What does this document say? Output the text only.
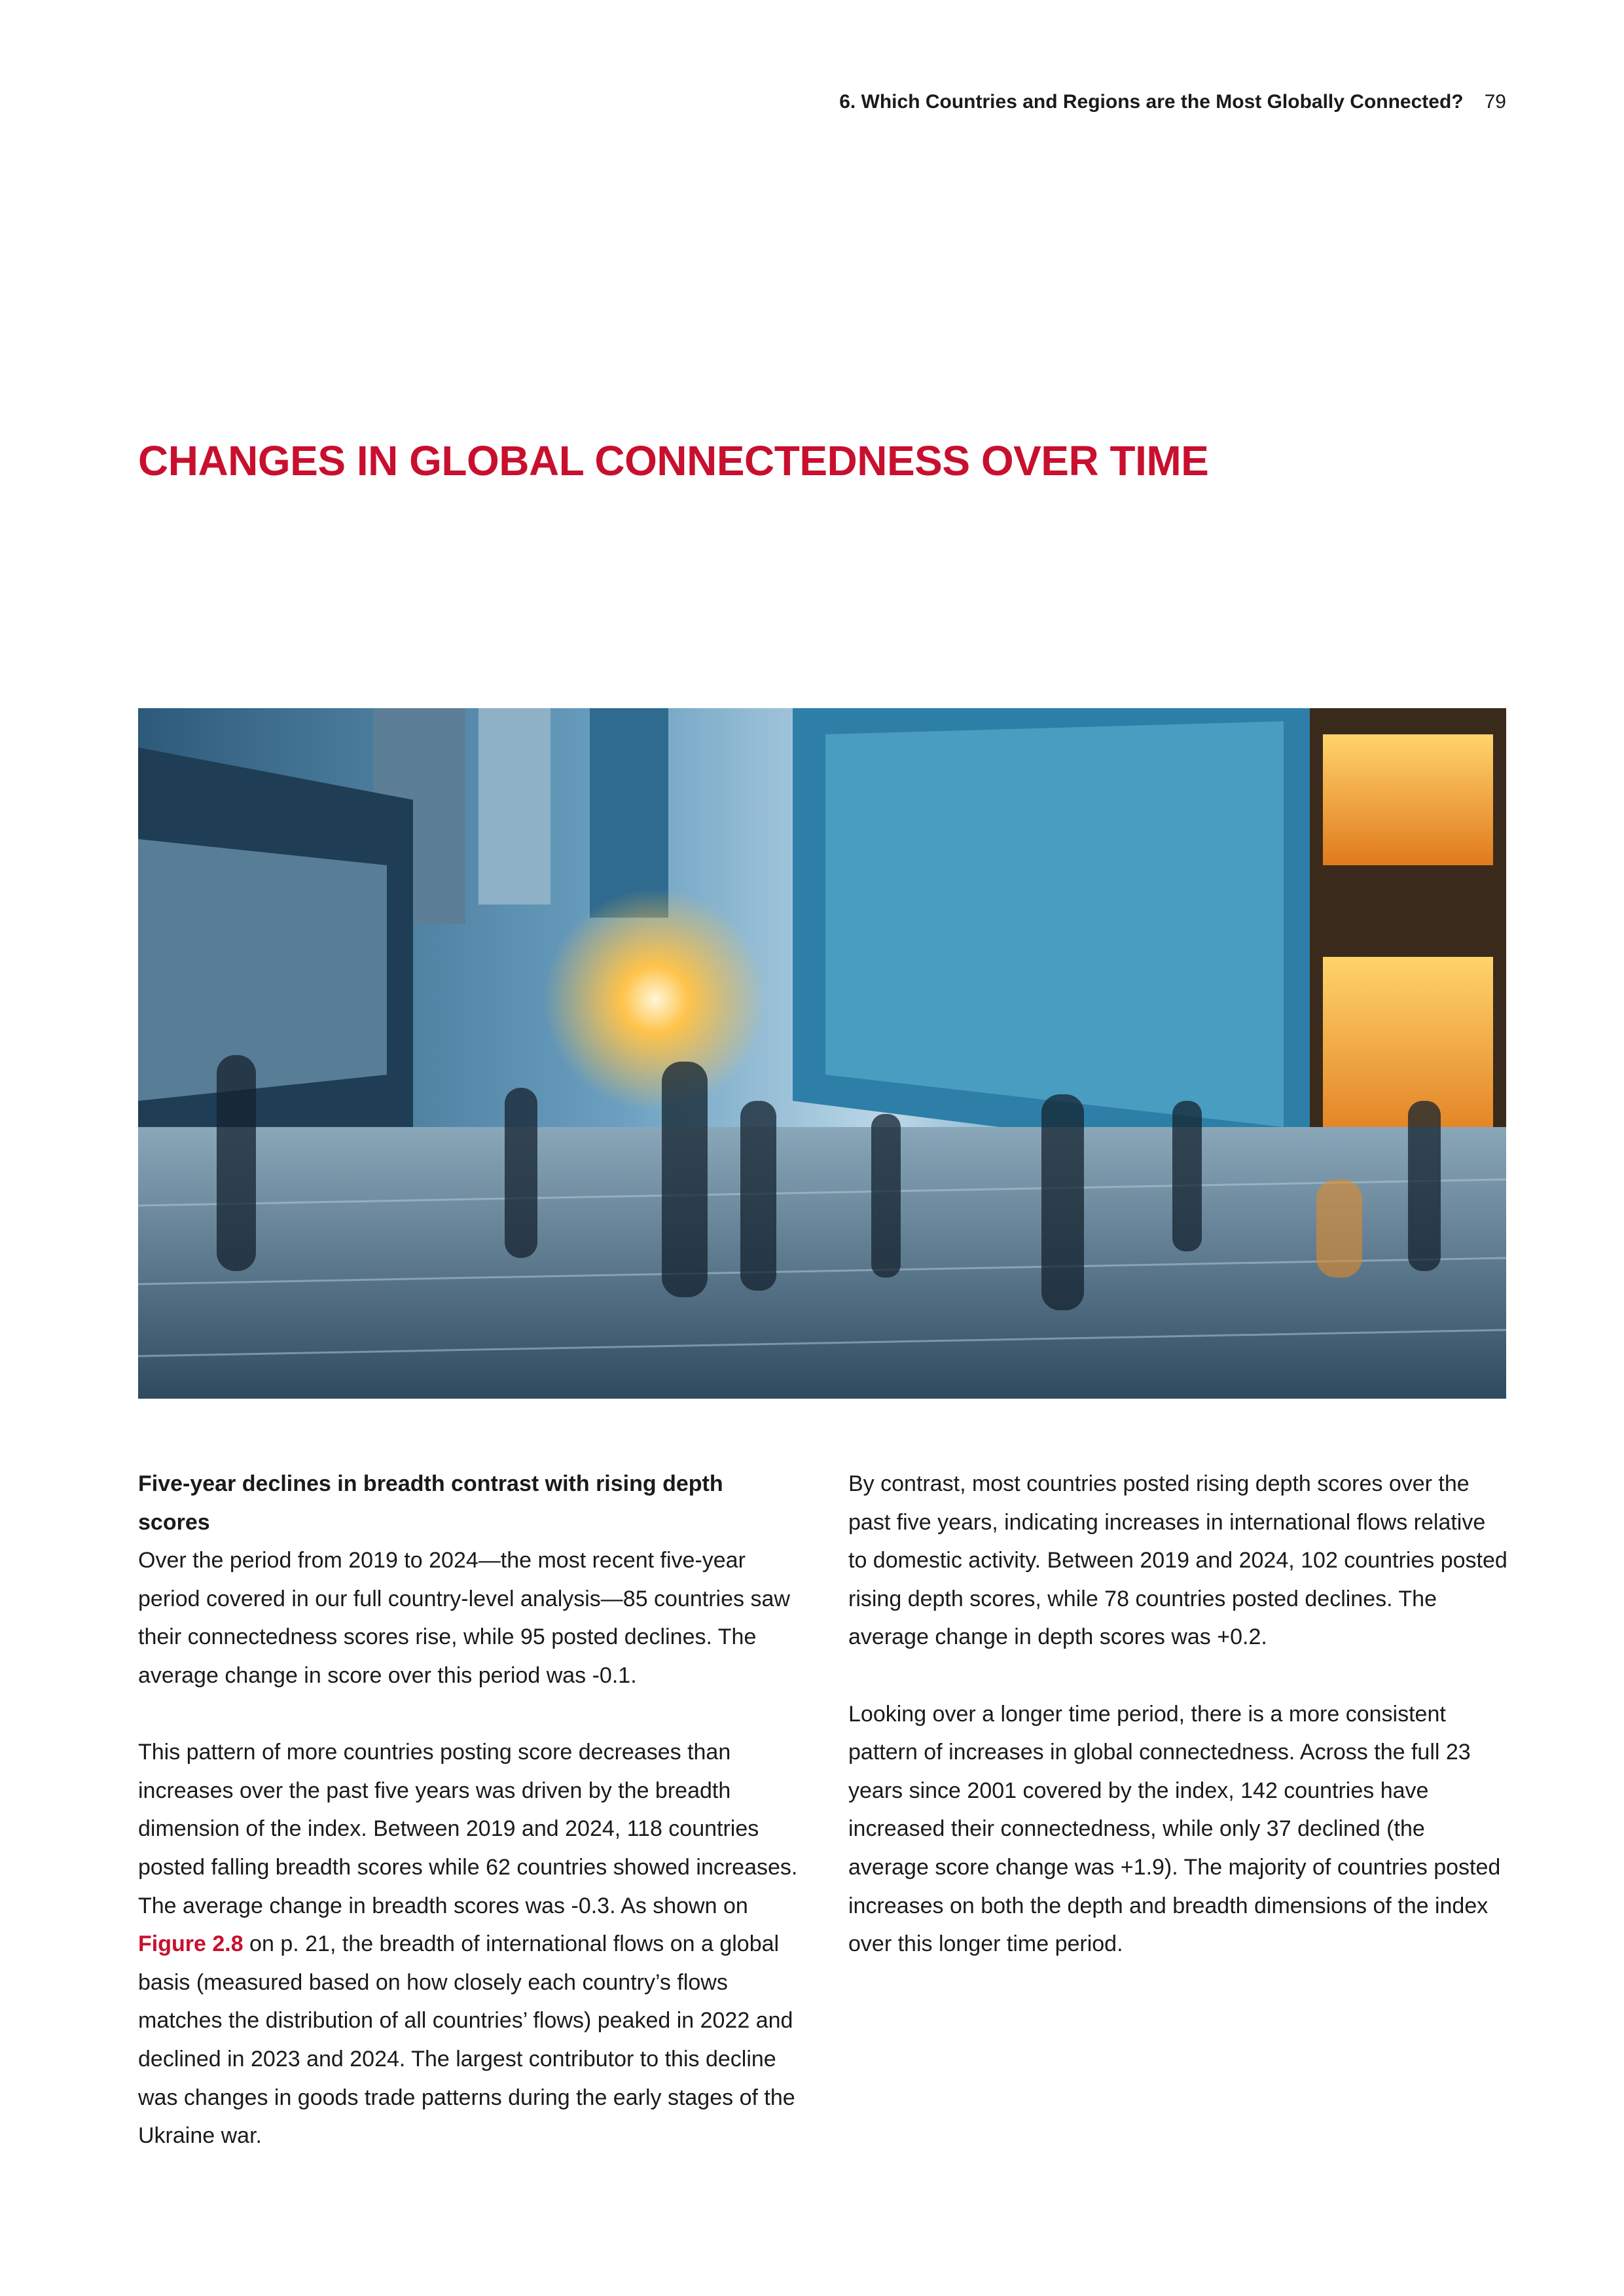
6. Which Countries and Regions are the Most Globally Connected? 79
CHANGES IN GLOBAL CONNECTEDNESS OVER TIME
Five-year declines in breadth contrast with rising depth scores

Over the period from 2019 to 2024—the most recent five-year period covered in our full country-level analysis—85 countries saw their connectedness scores rise, while 95 posted declines. The average change in score over this period was -0.1.

This pattern of more countries posting score decreases than increases over the past five years was driven by the breadth dimension of the index. Between 2019 and 2024, 118 countries posted falling breadth scores while 62 countries showed increases. The average change in breadth scores was -0.3. As shown on Figure 2.8 on p. 21, the breadth of international flows on a global basis (measured based on how closely each country’s flows matches the distribution of all countries’ flows) peaked in 2022 and declined in 2023 and 2024. The largest contributor to this decline was changes in goods trade patterns during the early stages of the Ukraine war.

By contrast, most countries posted rising depth scores over the past five years, indicating increases in international flows relative to domestic activity. Between 2019 and 2024, 102 countries posted rising depth scores, while 78 countries posted declines. The average change in depth scores was +0.2.

Looking over a longer time period, there is a more consistent pattern of increases in global connectedness. Across the full 23 years since 2001 covered by the index, 142 countries have increased their connectedness, while only 37 declined (the average score change was +1.9). The majority of countries posted increases on both the depth and breadth dimensions of the index over this longer time period.
